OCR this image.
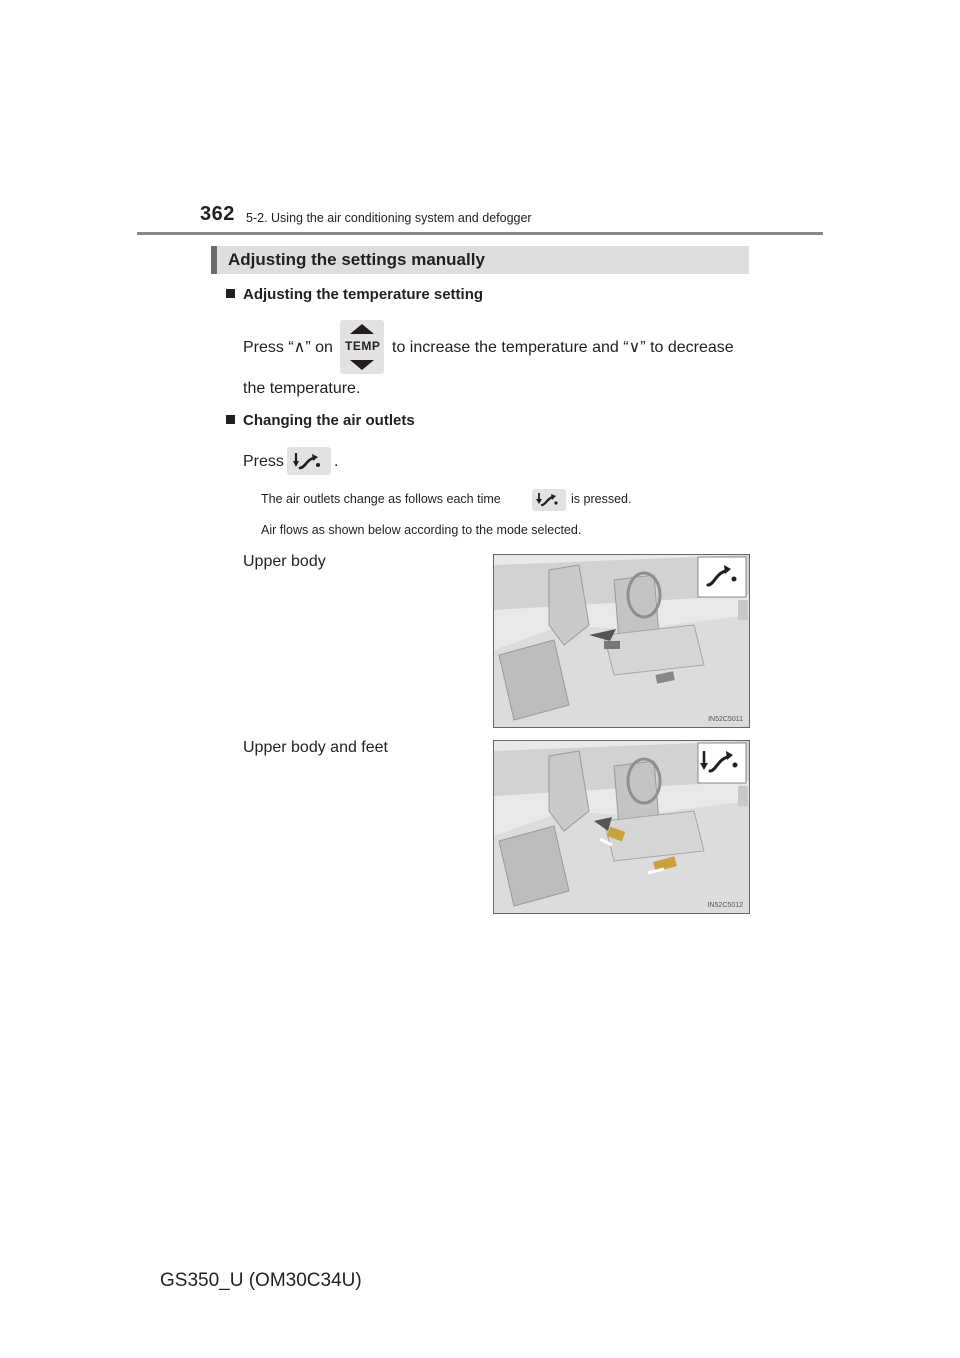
362 5-2. Using the air conditioning system and defogger
Adjusting the settings manually
Adjusting the temperature setting
Press “∧” on TEMP to increase the temperature and “∨” to decrease
the temperature.
Changing the air outlets
Press	.
The air outlets change as follows each time	is pressed.
Air flows as shown below according to the mode selected.
Upper body
IN52C5011
Upper body and feet
IN52C5012
GS350_U (OM30C34U)
